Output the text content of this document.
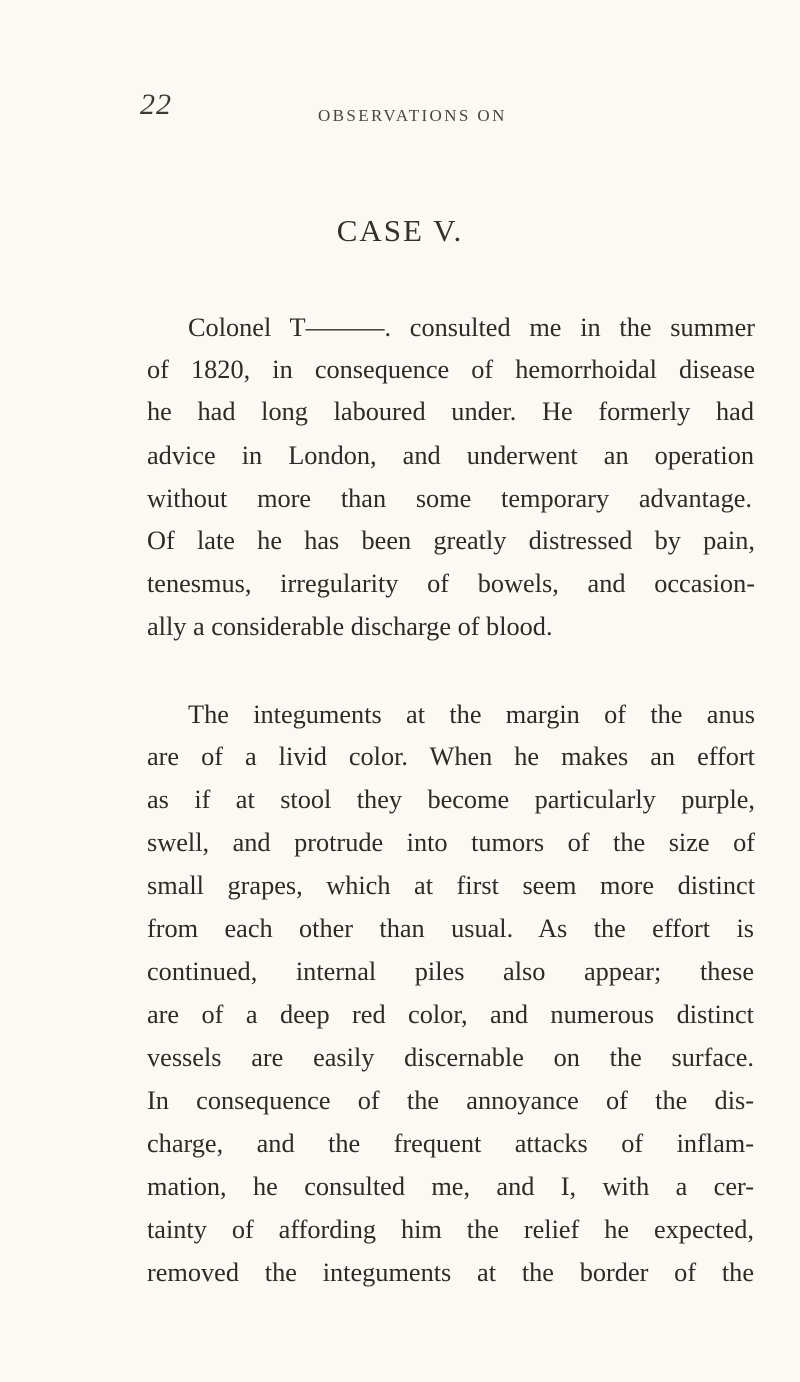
22	OBSERVATIONS ON
CASE V.
Colonel T———. consulted me in the summer
of 1820, in consequence of hemorrhoidal disease
he had long laboured under. He formerly had
advice in London, and underwent an operation
without more than some temporary advantage.
Of late he has been greatly distressed by pain,
tenesmus, irregularity of bowels, and occasion-
ally a considerable discharge of blood.
The integuments at the margin of the anus
are of a livid color. When he makes an effort
as if at stool they become particularly purple,
swell, and protrude into tumors of the size of
small grapes, which at first seem more distinct
from each other than usual. As the effort is
continued, internal piles also appear; these
are of a deep red color, and numerous distinct
vessels are easily discernable on the surface.
In consequence of the annoyance of the dis-
charge, and the frequent attacks of inflam-
mation, he consulted me, and I, with a cer-
tainty of affording him the relief he expected,
removed the integuments at the border of the
